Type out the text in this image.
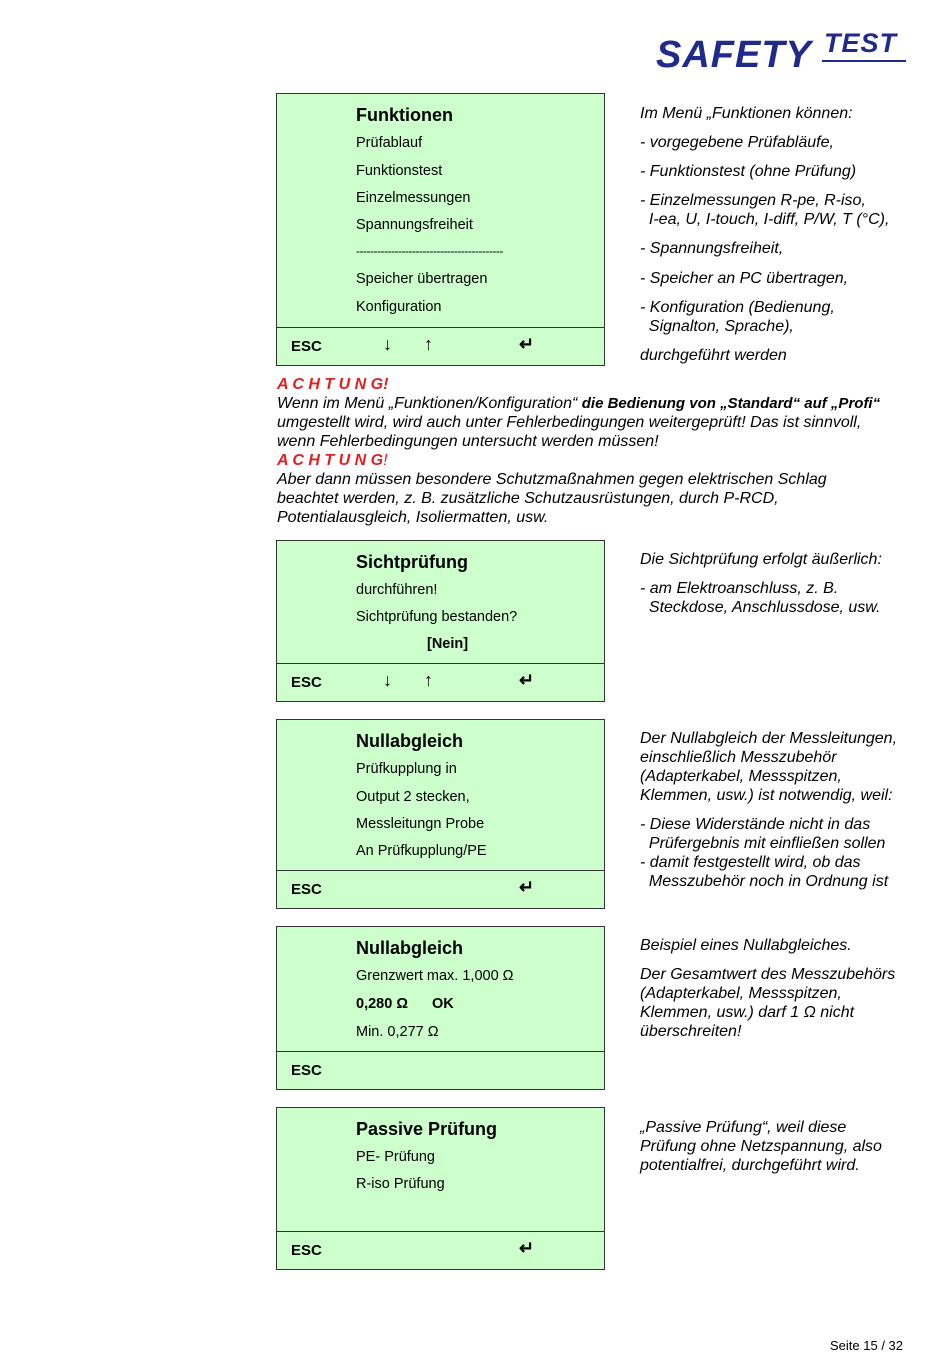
SAFETY TEST
Funktionen
Prüfablauf
Funktionstest
Einzelmessungen
Spannungsfreiheit
------------------------------------------
Speicher übertragen
Konfiguration
ESC	↓ ↑	↵
Im Menü „Funktionen können:
- vorgegebene Prüfabläufe,
- Funktionstest (ohne Prüfung)
- Einzelmessungen R-pe, R-iso,
I-ea, U, I-touch, I-diff, P/W, T (°C),
- Spannungsfreiheit,
- Speicher an PC übertragen,
- Konfiguration (Bedienung,
Signalton, Sprache),
durchgeführt werden
A C H T U N G!
Wenn im Menü „Funktionen/Konfiguration“ die Bedienung von „Standard“ auf „Profi“
umgestellt wird, wird auch unter Fehlerbedingungen weitergeprüft! Das ist sinnvoll,
wenn Fehlerbedingungen untersucht werden müssen!
A C H T U N G!
Aber dann müssen besondere Schutzmaßnahmen gegen elektrischen Schlag
beachtet werden, z. B. zusätzliche Schutzausrüstungen, durch P-RCD,
Potentialausgleich, Isoliermatten, usw.
Sichtprüfung
durchführen!
Sichtprüfung bestanden?
[Nein]
ESC	↓ ↑	↵
Die Sichtprüfung erfolgt äußerlich:
- am Elektroanschluss, z. B.
Steckdose, Anschlussdose, usw.
Nullabgleich
Prüfkupplung in
Output 2 stecken,
Messleitungn Probe
An Prüfkupplung/PE
ESC	↵
Der Nullabgleich der Messleitungen,
einschließlich Messzubehör
(Adapterkabel, Messspitzen,
Klemmen, usw.) ist notwendig, weil:
- Diese Widerstände nicht in das
Prüfergebnis mit einfließen sollen
- damit festgestellt wird, ob das
Messzubehör noch in Ordnung ist
Nullabgleich
Grenzwert max. 1,000 Ω
0,280 Ω OK
Min. 0,277 Ω
ESC
Beispiel eines Nullabgleiches.
Der Gesamtwert des Messzubehörs
(Adapterkabel, Messspitzen,
Klemmen, usw.) darf 1 Ω nicht
überschreiten!
Passive Prüfung
PE- Prüfung
R-iso Prüfung
ESC	↵
„Passive Prüfung“, weil diese
Prüfung ohne Netzspannung, also
potentialfrei, durchgeführt wird.
Seite 15 / 32
